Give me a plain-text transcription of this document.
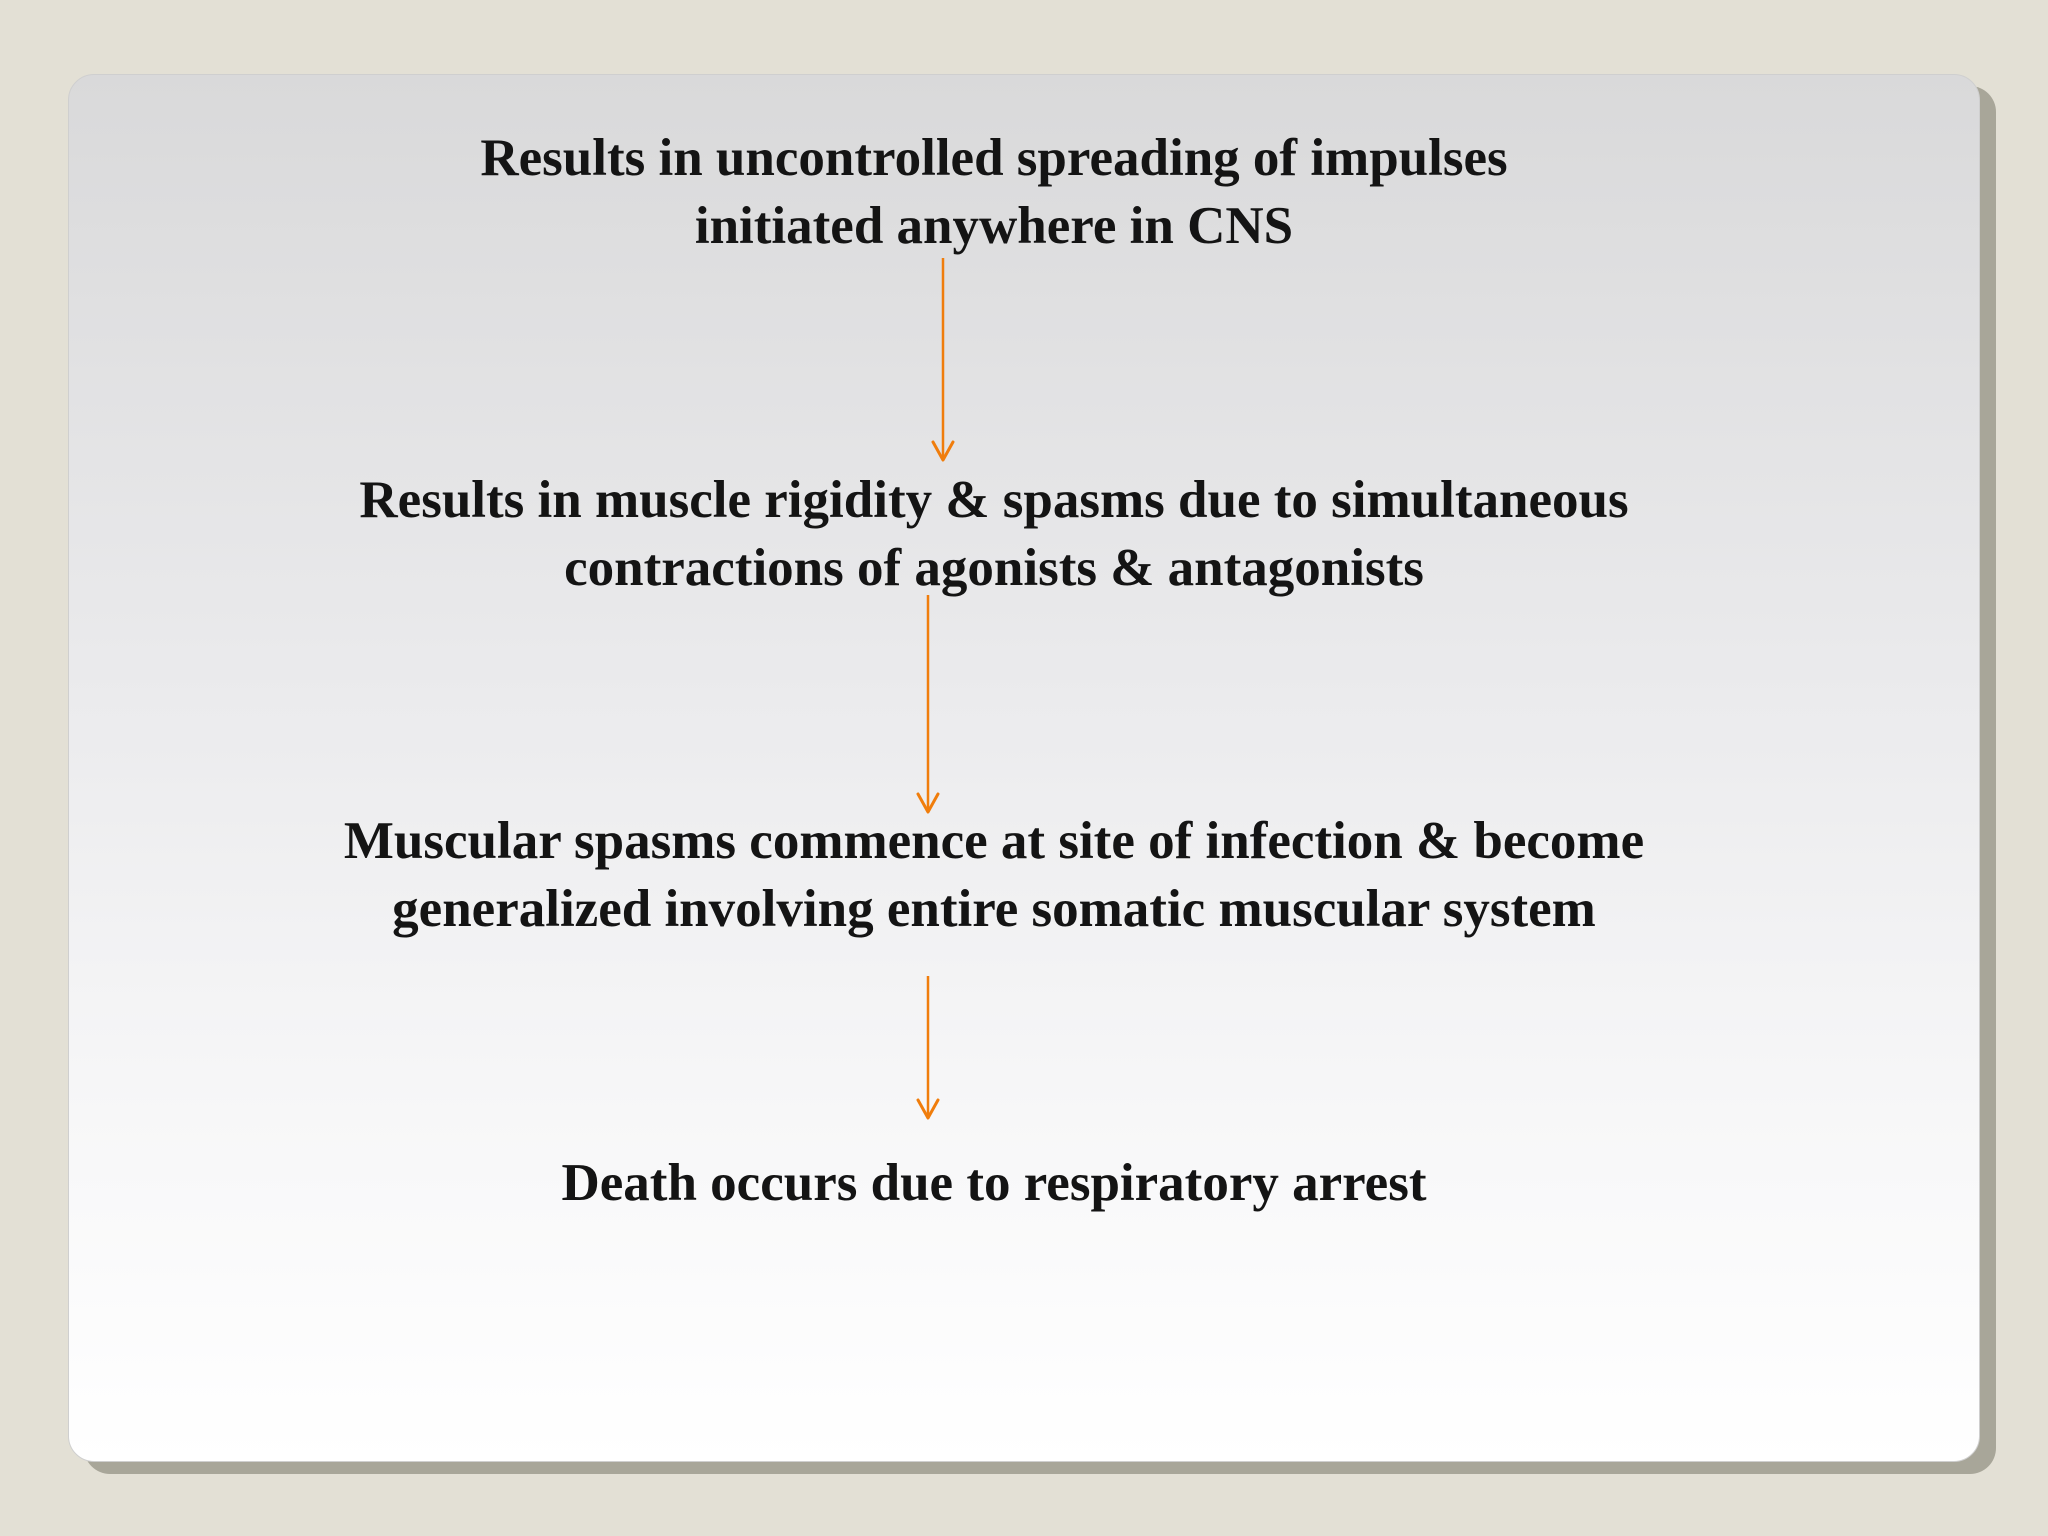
Results in uncontrolled spreading of impulses
initiated anywhere in CNS
Results in muscle rigidity & spasms due to simultaneous
contractions of agonists & antagonists
Muscular spasms commence at site of infection & become
generalized involving entire somatic muscular system
Death occurs due to respiratory arrest
